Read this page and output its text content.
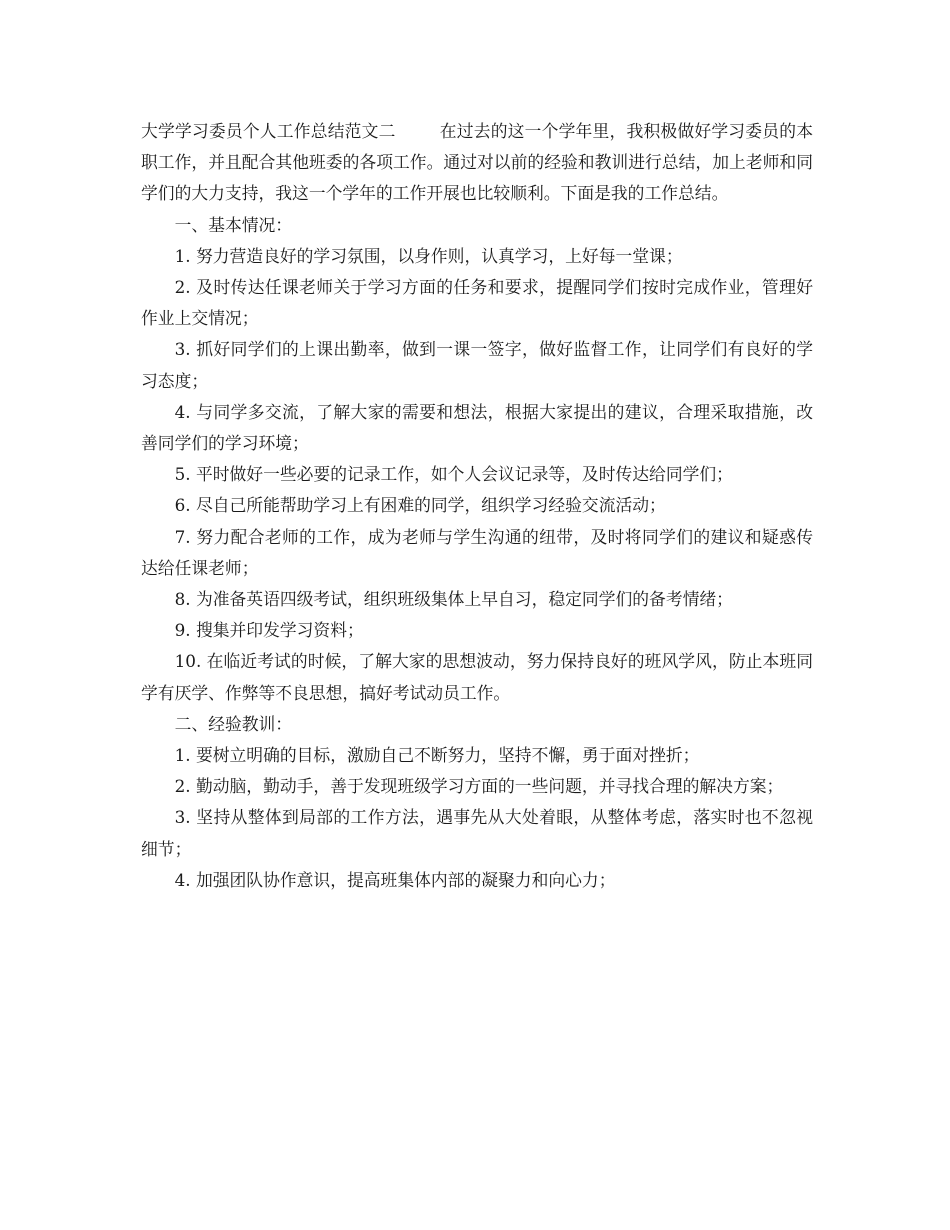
大学学习委员个人工作总结范文二	在过去的这一个学年里，我积极做好学习委员的本职工作，并且配合其他班委的各项工作。通过对以前的经验和教训进行总结，加上老师和同学们的大力支持，我这一个学年的工作开展也比较顺利。下面是我的工作总结。

一、基本情况：

1. 努力营造良好的学习氛围，以身作则，认真学习，上好每一堂课；

2. 及时传达任课老师关于学习方面的任务和要求，提醒同学们按时完成作业，管理好作业上交情况；

3. 抓好同学们的上课出勤率，做到一课一签字，做好监督工作，让同学们有良好的学习态度；

4. 与同学多交流，了解大家的需要和想法，根据大家提出的建议，合理采取措施，改善同学们的学习环境；

5. 平时做好一些必要的记录工作，如个人会议记录等，及时传达给同学们；

6. 尽自己所能帮助学习上有困难的同学，组织学习经验交流活动；

7. 努力配合老师的工作，成为老师与学生沟通的纽带，及时将同学们的建议和疑惑传达给任课老师；

8. 为准备英语四级考试，组织班级集体上早自习，稳定同学们的备考情绪；

9. 搜集并印发学习资料；

10. 在临近考试的时候，了解大家的思想波动，努力保持良好的班风学风，防止本班同学有厌学、作弊等不良思想，搞好考试动员工作。

二、经验教训：

1. 要树立明确的目标，激励自己不断努力，坚持不懈，勇于面对挫折；

2. 勤动脑，勤动手，善于发现班级学习方面的一些问题，并寻找合理的解决方案；

3. 坚持从整体到局部的工作方法，遇事先从大处着眼，从整体考虑，落实时也不忽视细节；

4. 加强团队协作意识，提高班集体内部的凝聚力和向心力；
